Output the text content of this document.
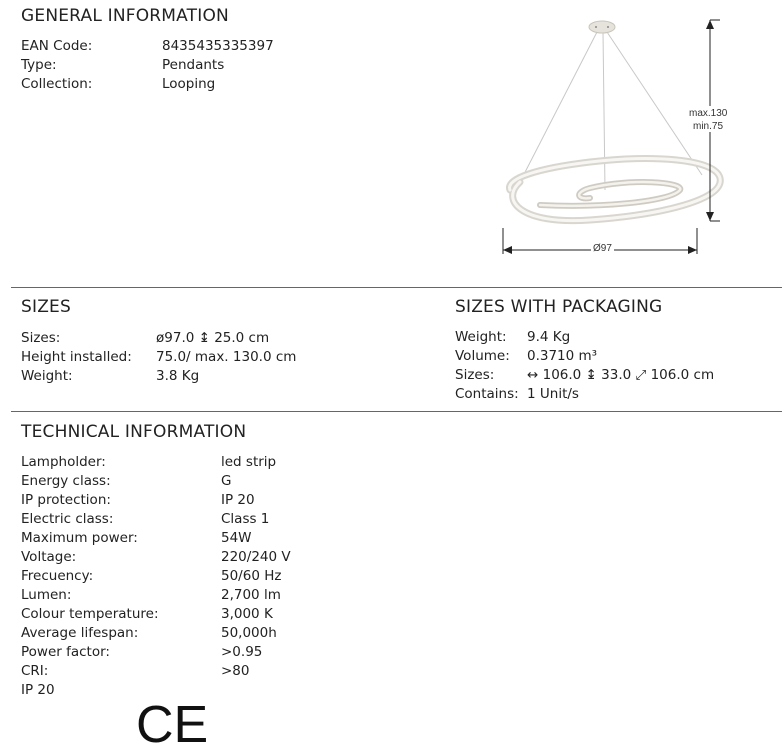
GENERAL INFORMATION
EAN Code:	8435435335397
Type:	Pendants
Collection:	Looping
max.130
min.75
Ø97
SIZES
Sizes:	ø97.0 ↨ 25.0 cm
Height installed: 75.0/ max. 130.0 cm
Weight:	3.8 Kg
SIZES WITH PACKAGING
Weight: 9.4 Kg
Volume: 0.3710 m³
Sizes: ↔ 106.0 ↨ 33.0 ⤢ 106.0 cm
Contains: 1 Unit/s
TECHNICAL INFORMATION
Lampholder:	led strip
Energy class:	G
IP protection:	IP 20
Electric class:	Class 1
Maximum power:	54W
Voltage:	220/240 V
Frecuency:	50/60 Hz
Lumen:	2,700 lm
Colour temperature:	3,000 K
Average lifespan:	50,000h
Power factor:	>0.95
CRI:	>80
IP 20
CE
